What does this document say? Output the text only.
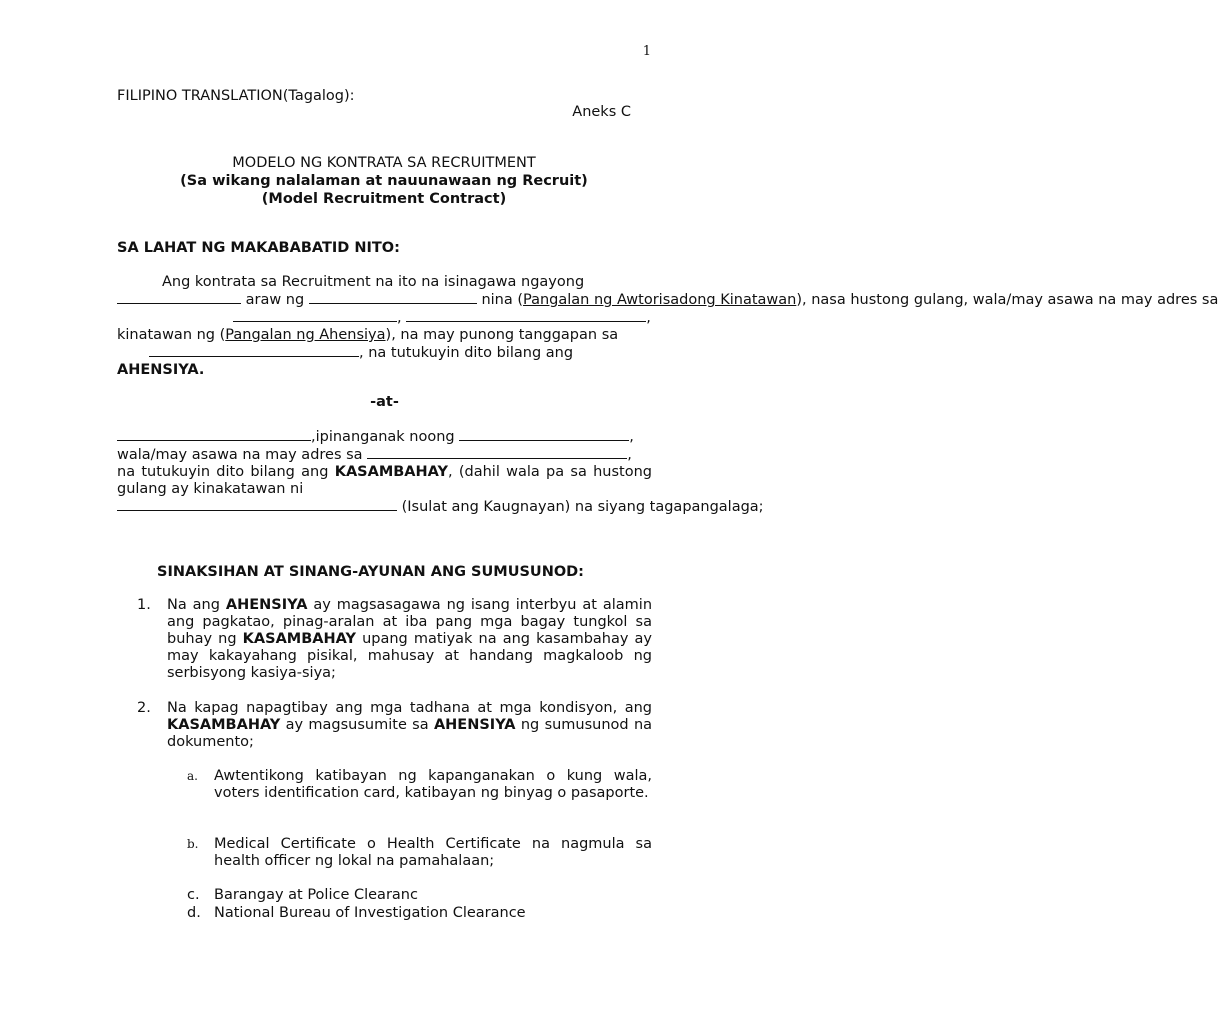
1
FILIPINO TRANSLATION(Tagalog):
Aneks C
MODELO NG KONTRATA SA RECRUITMENT
(Sa wikang nalalaman at nauunawaan ng Recruit)
(Model Recruitment Contract)
SA LAHAT NG MAKABABATID NITO:
Ang kontrata sa Recruitment na ito na isinagawa ngayong
araw ng	nina (Pangalan ng Awtorisadong Kinatawan), nasa hustong gulang, wala/may asawa na may adres sa
,	,
kinatawan ng (Pangalan ng Ahensiya), na may punong tanggapan sa
, na tutukuyin dito bilang ang
AHENSIYA.
-at-
,ipinanganak noong	,
wala/may asawa na may adres sa	,
na tutukuyin dito bilang ang KASAMBAHAY, (dahil wala pa sa hustong gulang ay kinakatawan ni
(Isulat ang Kaugnayan) na siyang tagapangalaga;
SINAKSIHAN AT SINANG-AYUNAN ANG SUMUSUNOD:
1. Na ang AHENSIYA ay magsasagawa ng isang interbyu at alamin ang pagkatao, pinag-aralan at iba pang mga bagay tungkol sa buhay ng KASAMBAHAY upang matiyak na ang kasambahay ay may kakayahang pisikal, mahusay at handang magkaloob ng serbisyong kasiya-siya;
2. Na kapag napagtibay ang mga tadhana at mga kondisyon, ang KASAMBAHAY ay magsusumite sa AHENSIYA ng sumusunod na dokumento;
a. Awtentikong katibayan ng kapanganakan o kung wala, voters identification card, katibayan ng binyag o pasaporte.
b. Medical Certificate o Health Certificate na nagmula sa health officer ng lokal na pamahalaan;
c. Barangay at Police Clearanc
d. National Bureau of Investigation Clearance
